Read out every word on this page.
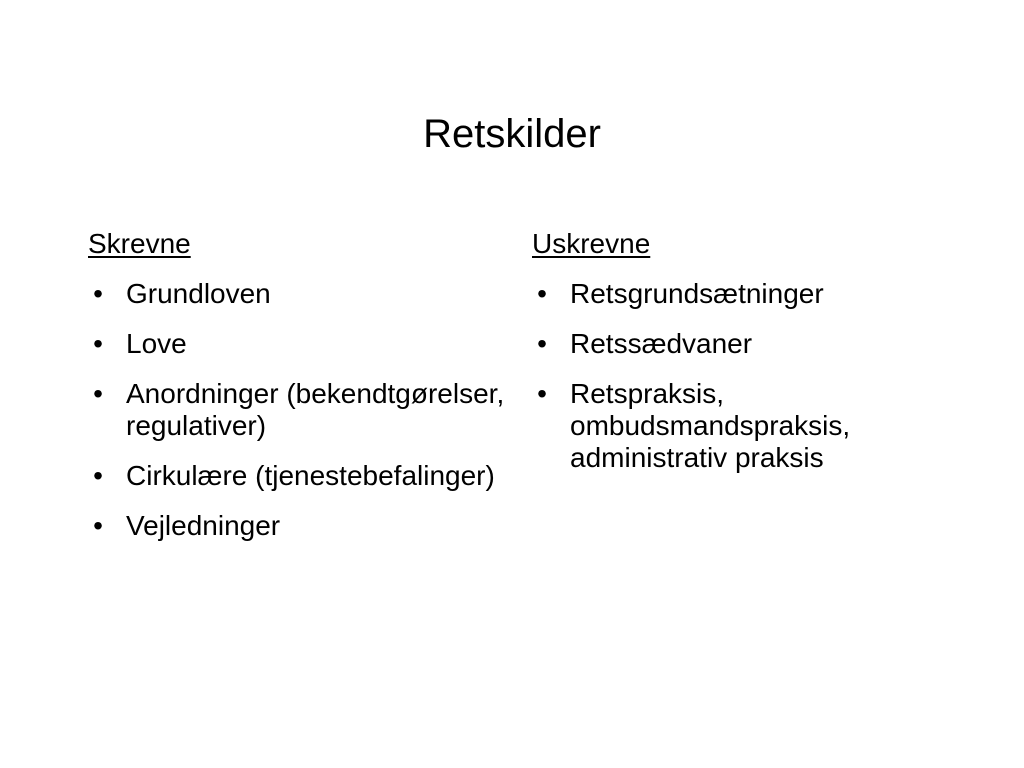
Retskilder
Skrevne
• Grundloven
• Love
• Anordninger (bekendtgørelser, regulativer)
• Cirkulære (tjenestebefalinger)
• Vejledninger
Uskrevne
• Retsgrundsætninger
• Retssædvaner
• Retspraksis, ombudsmandspraksis, administrativ praksis
